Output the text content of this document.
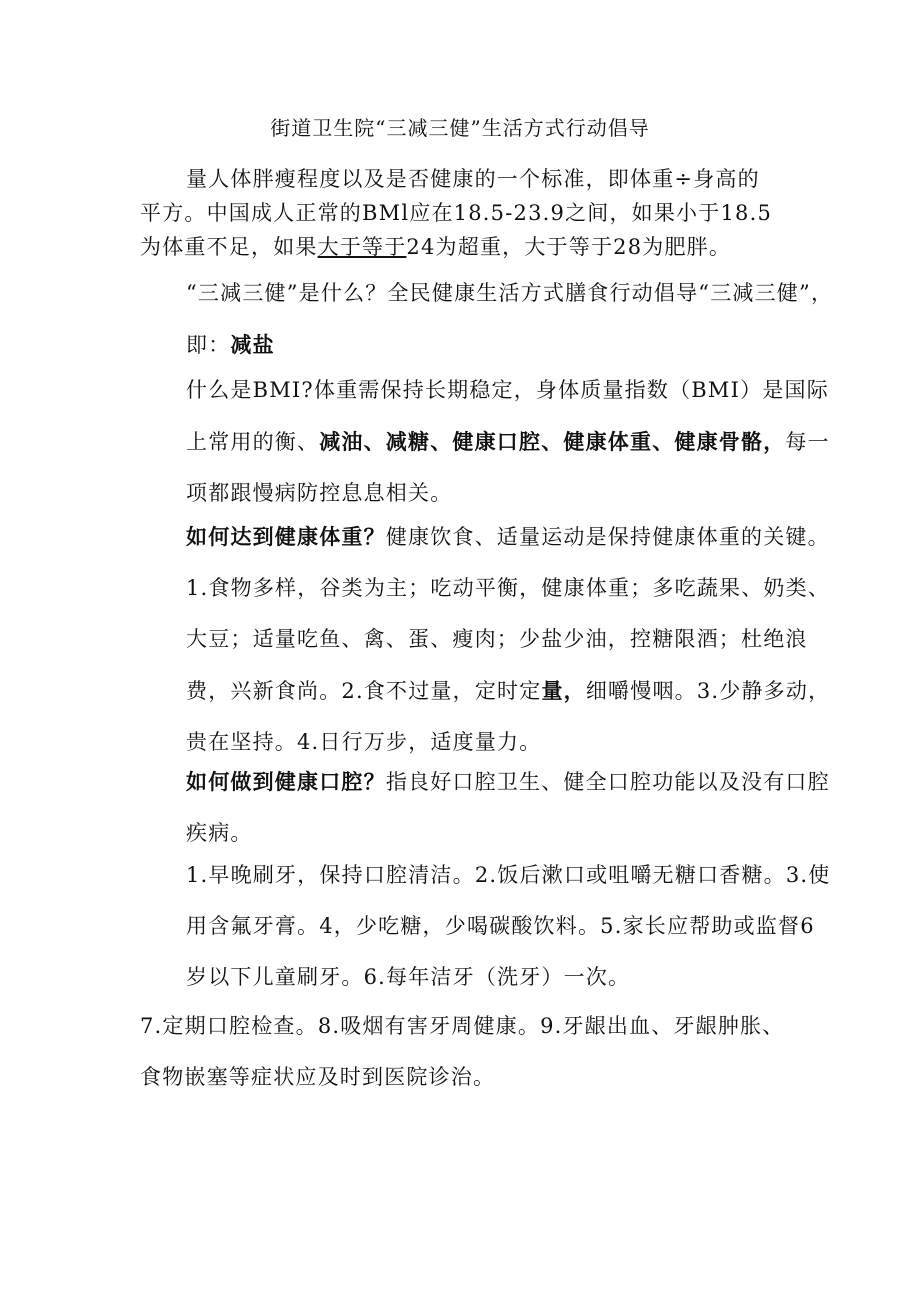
街道卫生院“三减三健”生活方式行动倡导
量人体胖瘦程度以及是否健康的一个标准，即体重÷身高的
平方。中国成人正常的BMl应在18.5-23.9之间，如果小于18.5
为体重不足，如果大于等于24为超重，大于等于28为肥胖。
“三减三健”是什么？全民健康生活方式膳食行动倡导“三减三健”，即：减盐
什么是BMI?体重需保持长期稳定，身体质量指数（BMI）是国际上常用的衡、减油、减糖、健康口腔、健康体重、健康骨骼，每一项都跟慢病防控息息相关。
如何达到健康体重？健康饮食、适量运动是保持健康体重的关键。1.食物多样，谷类为主；吃动平衡，健康体重；多吃蔬果、奶类、大豆；适量吃鱼、禽、蛋、瘦肉；少盐少油，控糖限酒；杜绝浪费，兴新食尚。2.食不过量，定时定量，细嚼慢咽。3.少静多动，贵在坚持。4.日行万步，适度量力。
如何做到健康口腔？指良好口腔卫生、健全口腔功能以及没有口腔疾病。
1.早晚刷牙，保持口腔清洁。2.饭后漱口或咀嚼无糖口香糖。3.使用含氟牙膏。4，少吃糖，少喝碳酸饮料。5.家长应帮助或监督6岁以下儿童刷牙。6.每年洁牙（洗牙）一次。
7.定期口腔检查。8.吸烟有害牙周健康。9.牙龈出血、牙龈肿胀、食物嵌塞等症状应及时到医院诊治。
